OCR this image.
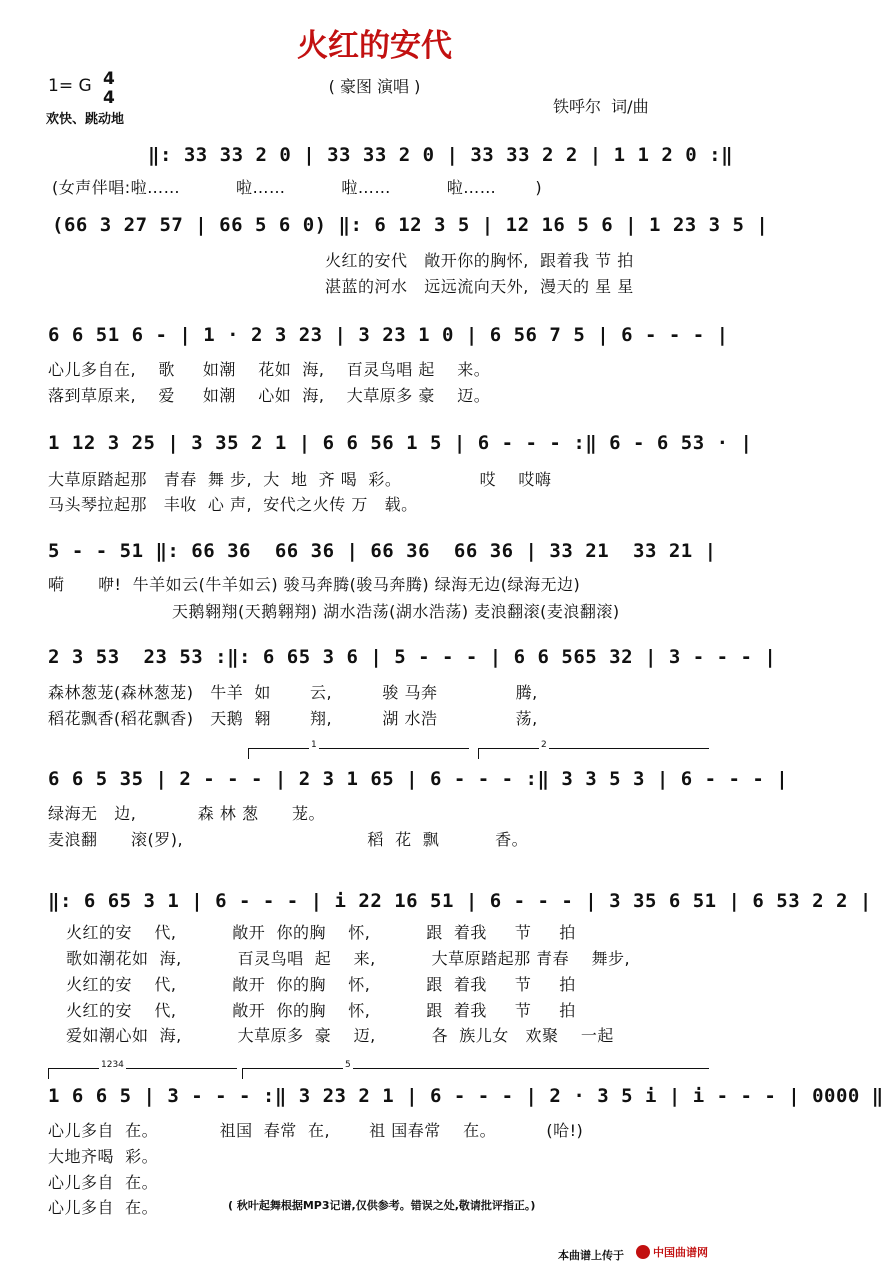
火红的安代
( 豪图 演唱 )
1= G 4
4
欢快、跳动地
铁呼尔  词/曲
‖: 33 33 2 0 | 33 33 2 0 | 33 33 2 2 | 1 1 2 0 :‖
(女声伴唱:啦……          啦……          啦……          啦……       )
(66 3 27 57 | 66 5 6 0) ‖: 6 12 3 5 | 12 16 5 6 | 1 23 3 5 |
火红的安代   敞开你的胸怀,  跟着我 节 拍
湛蓝的河水   远远流向天外,  漫天的 星 星
6 6 51 6 - | 1 · 2 3 23 | 3 23 1 0 | 6 56 7 5 | 6 - - - |
心儿多自在,    歌     如潮    花如  海,    百灵鸟唱 起    来。
落到草原来,    爱     如潮    心如  海,    大草原多 豪    迈。
1 12 3 25 | 3 35 2 1 | 6 6 56 1 5 | 6 - - - :‖ 6 - 6 53 · |
大草原踏起那   青春  舞 步,  大  地  齐 喝  彩。              哎    哎嗨
马头琴拉起那   丰收  心 声,  安代之火传 万   载。
5 - - 51 ‖: 66 36  66 36 | 66 36  66 36 | 33 21  33 21 |
嗬      咿!  牛羊如云(牛羊如云) 骏马奔腾(骏马奔腾) 绿海无边(绿海无边)
天鹅翱翔(天鹅翱翔) 湖水浩荡(湖水浩荡) 麦浪翻滚(麦浪翻滚)
2 3 53  23 53 :‖: 6 65 3 6 | 5 - - - | 6 6 565 32 | 3 - - - |
森林葱茏(森林葱茏)   牛羊  如       云,         骏 马奔              腾,
稻花飘香(稻花飘香)   天鹅  翱       翔,         湖 水浩              荡,
1	2
6 6 5 35 | 2 - - - | 2 3 1 65 | 6 - - - :‖ 3 3 5 3 | 6 - - - |
绿海无   边,           森 林 葱      茏。
麦浪翻      滚(罗),                                 稻  花  飘          香。
‖: 6 65 3 1 | 6 - - - | i 22 16 51 | 6 - - - | 3 35 6 51 | 6 53 2 2 |
火红的安    代,          敞开  你的胸    怀,          跟  着我     节     拍
歌如潮花如  海,          百灵鸟唱  起    来,          大草原踏起那 青春    舞步,
火红的安    代,          敞开  你的胸    怀,          跟  着我     节     拍
火红的安    代,          敞开  你的胸    怀,          跟  着我     节     拍
爱如潮心如  海,          大草原多  豪    迈,          各  族儿女   欢聚    一起
1234	5
1 6 6 5 | 3 - - - :‖ 3 23 2 1 | 6 - - - | 2 · 3 5 i | i - - - | 0000 ‖
心儿多自  在。           祖国  春常  在,       祖 国春常    在。         (哈!)
大地齐喝  彩。
心儿多自  在。
心儿多自  在。	( 秋叶起舞根据MP3记谱,仅供参考。错误之处,敬请批评指正。)
本曲谱上传于	中国曲谱网
